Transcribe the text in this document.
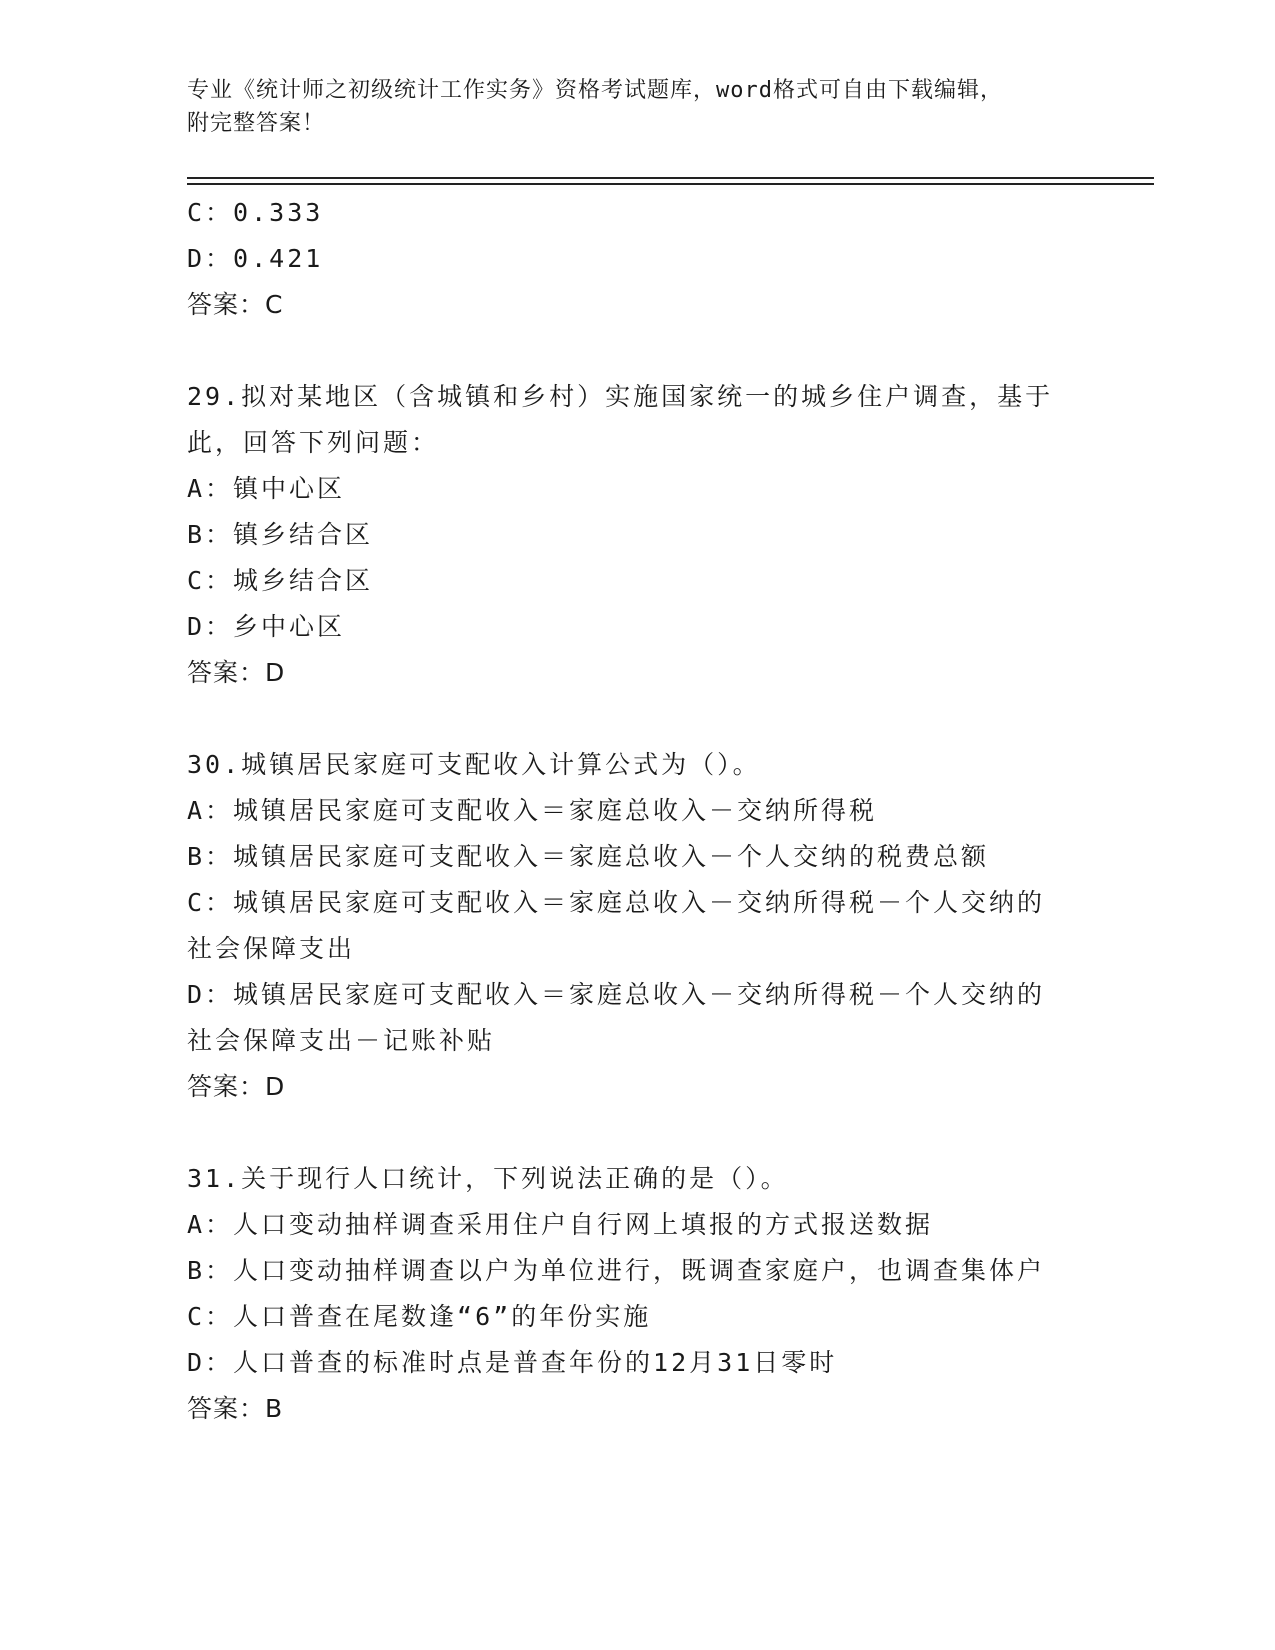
专业《统计师之初级统计工作实务》资格考试题库，word格式可自由下载编辑，
附完整答案！
C：0.333
D：0.421
答案：C
29.拟对某地区（含城镇和乡村）实施国家统一的城乡住户调查，基于
此，回答下列问题：
A：镇中心区
B：镇乡结合区
C：城乡结合区
D：乡中心区
答案：D
30.城镇居民家庭可支配收入计算公式为（）。
A：城镇居民家庭可支配收入＝家庭总收入－交纳所得税
B：城镇居民家庭可支配收入＝家庭总收入－个人交纳的税费总额
C：城镇居民家庭可支配收入＝家庭总收入－交纳所得税－个人交纳的
社会保障支出
D：城镇居民家庭可支配收入＝家庭总收入－交纳所得税－个人交纳的
社会保障支出－记账补贴
答案：D
31.关于现行人口统计，下列说法正确的是（）。
A：人口变动抽样调查采用住户自行网上填报的方式报送数据
B：人口变动抽样调查以户为单位进行，既调查家庭户，也调查集体户
C：人口普查在尾数逢“6”的年份实施
D：人口普查的标准时点是普查年份的12月31日零时
答案：B
